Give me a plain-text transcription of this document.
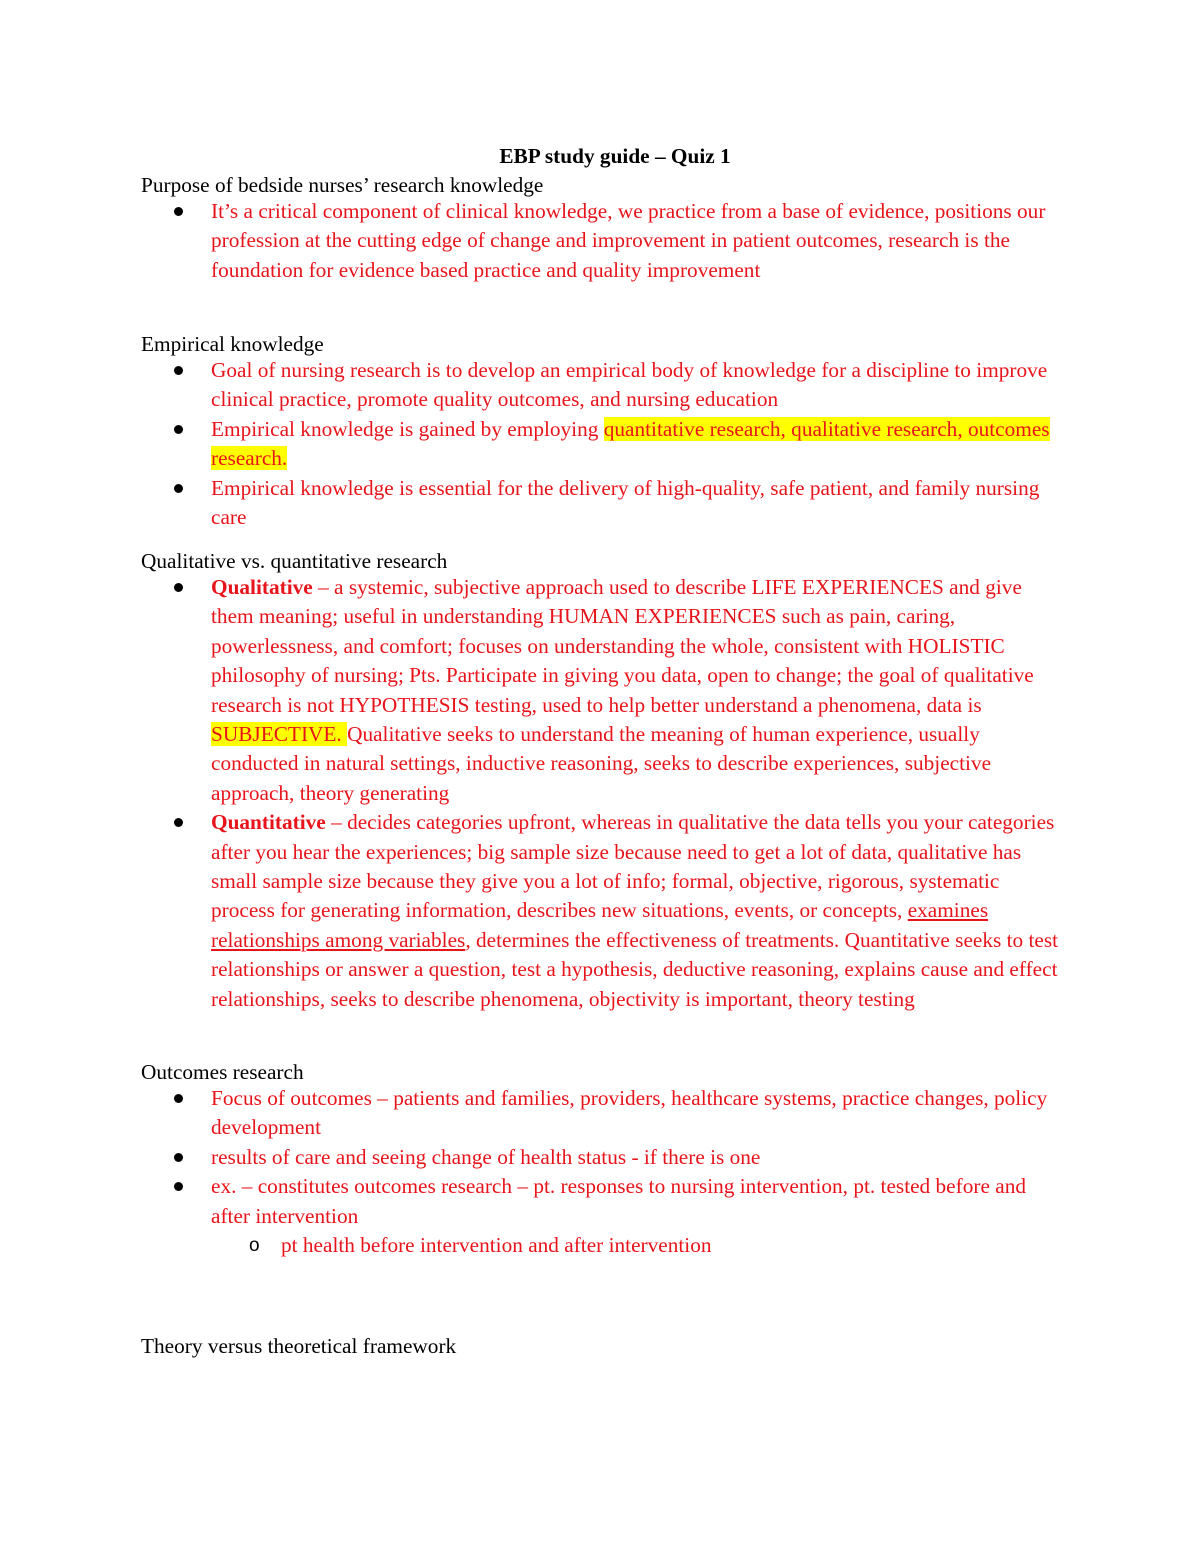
EBP study guide – Quiz 1
Purpose of bedside nurses’ research knowledge
It’s a critical component of clinical knowledge, we practice from a base of evidence, positions our profession at the cutting edge of change and improvement in patient outcomes, research is the foundation for evidence based practice and quality improvement
Empirical knowledge
Goal of nursing research is to develop an empirical body of knowledge for a discipline to improve clinical practice, promote quality outcomes, and nursing education
Empirical knowledge is gained by employing quantitative research, qualitative research, outcomes research.
Empirical knowledge is essential for the delivery of high-quality, safe patient, and family nursing care
Qualitative vs. quantitative research
Qualitative – a systemic, subjective approach used to describe LIFE EXPERIENCES and give them meaning; useful in understanding HUMAN EXPERIENCES such as pain, caring, powerlessness, and comfort; focuses on understanding the whole, consistent with HOLISTIC philosophy of nursing; Pts. Participate in giving you data, open to change; the goal of qualitative research is not HYPOTHESIS testing, used to help better understand a phenomena, data is SUBJECTIVE. Qualitative seeks to understand the meaning of human experience, usually conducted in natural settings, inductive reasoning, seeks to describe experiences, subjective approach, theory generating
Quantitative – decides categories upfront, whereas in qualitative the data tells you your categories after you hear the experiences; big sample size because need to get a lot of data, qualitative has small sample size because they give you a lot of info; formal, objective, rigorous, systematic process for generating information, describes new situations, events, or concepts, examines relationships among variables, determines the effectiveness of treatments. Quantitative seeks to test relationships or answer a question, test a hypothesis, deductive reasoning, explains cause and effect relationships, seeks to describe phenomena, objectivity is important, theory testing
Outcomes research
Focus of outcomes – patients and families, providers, healthcare systems, practice changes, policy development
results of care and seeing change of health status - if there is one
ex. – constitutes outcomes research – pt. responses to nursing intervention, pt. tested before and after intervention
o pt health before intervention and after intervention
Theory versus theoretical framework
